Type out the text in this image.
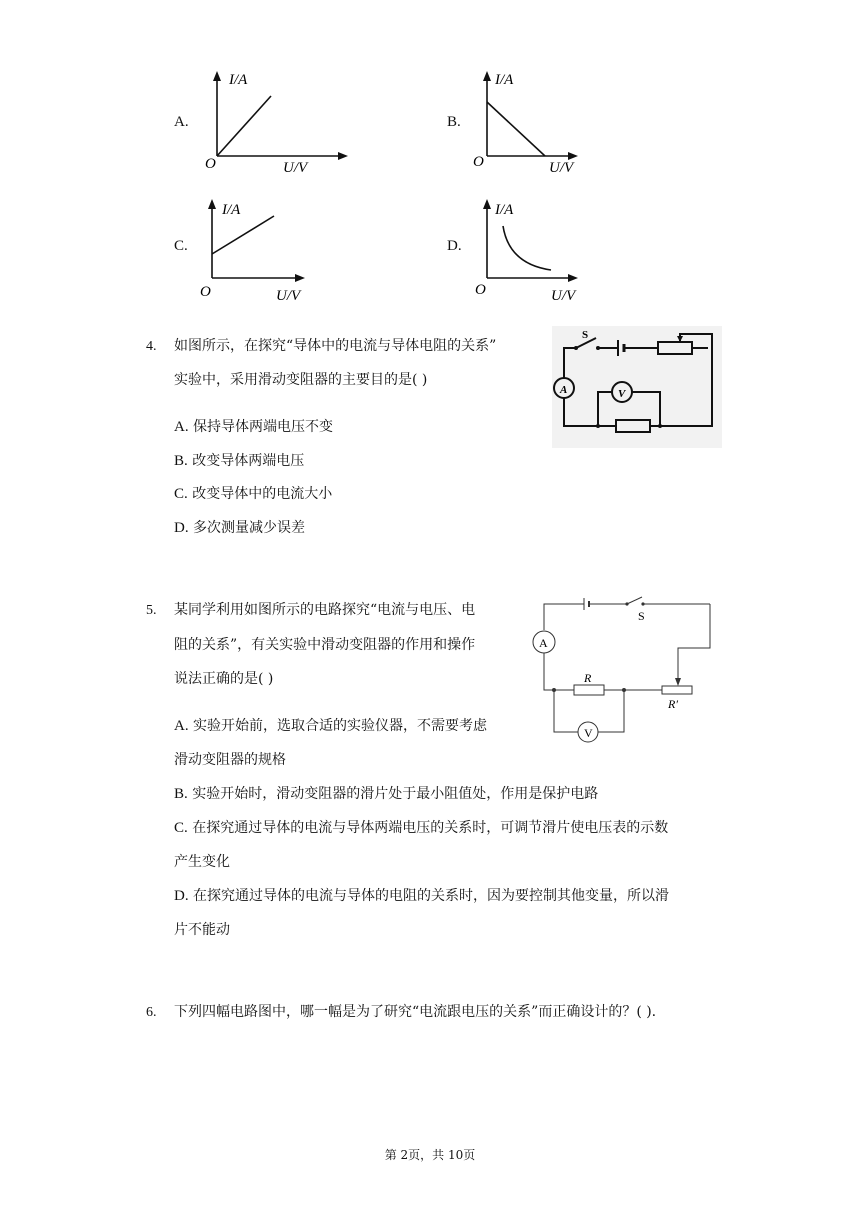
A.
I/A
O	U/V
B.
I/A
O	U/V
C.
I/A
O	U/V
D.
I/A
O	U/V
4. 如图所示，在探究“导体中的电流与导体电阻的关系”
实验中，采用滑动变阻器的主要目的是( )
A. 保持导体两端电压不变
B. 改变导体两端电压
C. 改变导体中的电流大小
D. 多次测量减少误差
S
A	V
5. 某同学利用如图所示的电路探究“电流与电压、电
阻的关系”，有关实验中滑动变阻器的作用和操作
说法正确的是( )
A. 实验开始前，选取合适的实验仪器，不需要考虑
滑动变阻器的规格
B. 实验开始时，滑动变阻器的滑片处于最小阻值处，作用是保护电路
C. 在探究通过导体的电流与导体两端电压的关系时，可调节滑片使电压表的示数
产生变化
D. 在探究通过导体的电流与导体的电阻的关系时，因为要控制其他变量，所以滑
片不能动
S
A
R
R′
V
6. 下列四幅电路图中，哪一幅是为了研究“电流跟电压的关系”而正确设计的？( ).
第 2页，共 10页
